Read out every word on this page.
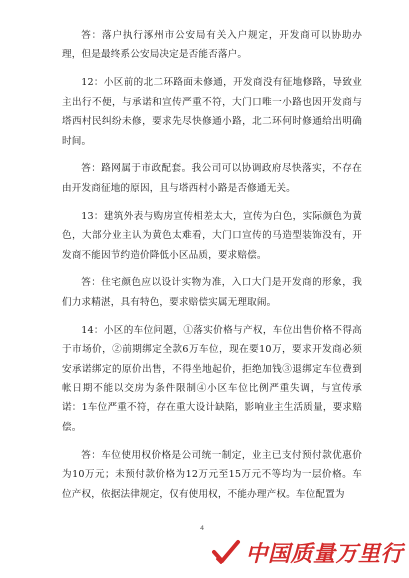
答：落户执行涿州市公安局有关入户规定，开发商可以协助办理，但是最终系公安局决定是否能否落户。

12：小区前的北二环路面未修通，开发商没有征地修路，导致业主出行不便，与承诺和宣传严重不符，大门口唯一小路也因开发商与塔西村民纠纷未修，要求先尽快修通小路，北二环何时修通给出明确时间。

答：路网属于市政配套。我公司可以协调政府尽快落实，不存在由开发商征地的原因，且与塔西村小路是否修通无关。

13：建筑外表与购房宣传相差太大，宣传为白色，实际颜色为黄色，大部分业主认为黄色太难看，大门口宣传的马造型装饰没有，开发商不能因节约造价降低小区品质，要求赔偿。

答：住宅颜色应以设计实物为准，入口大门是开发商的形象，我们力求精湛，具有特色，要求赔偿实属无理取闹。

14：小区的车位问题，①落实价格与产权，车位出售价格不得高于市场价，②前期绑定全款6万车位，现在要10万，要求开发商必须安承诺绑定的原价出售，不得坐地起价，拒绝加钱③退绑定车位费到帐日期不能以交房为条件限制④小区车位比例严重失调，与宣传承诺：1车位严重不符，存在重大设计缺陷，影响业主生活质量，要求赔偿。

答：车位使用权价格是公司统一制定，业主已支付预付款优惠价为10万元；未预付款价格为12万元至15万元不等均为一层价格。车位产权，依据法律规定，仅有使用权，不能办理产权。车位配置为

4
中国质量万里行
